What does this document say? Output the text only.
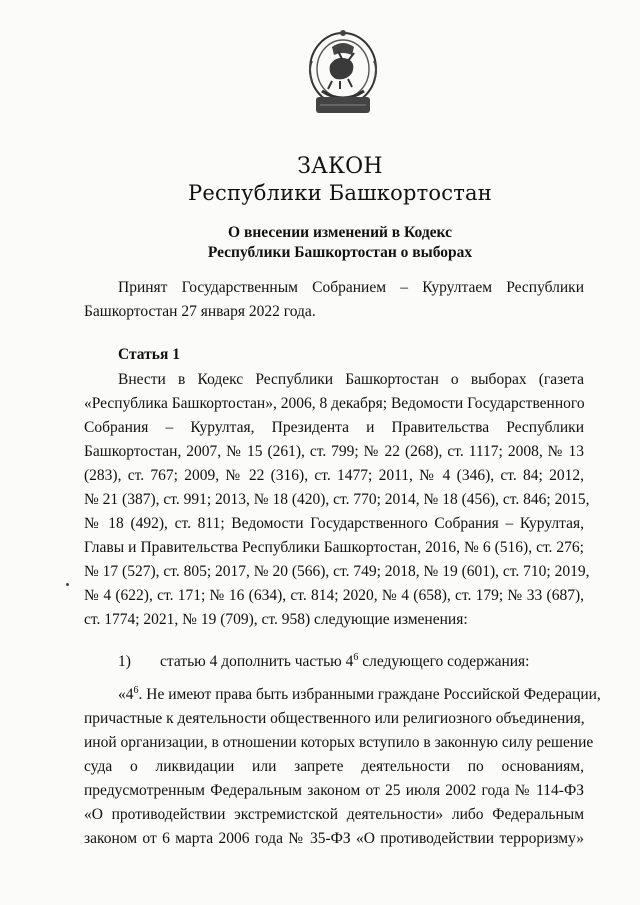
ЗАКОН
Республики Башкортостан
О внесении изменений в Кодекс
Республики Башкортостан о выборах
Принят Государственным Собранием – Курултаем Республики
Башкортостан 27 января 2022 года.
Статья 1
Внести в Кодекс Республики Башкортостан о выборах (газета
«Республика Башкортостан», 2006, 8 декабря; Ведомости Государственного
Собрания – Курултая, Президента и Правительства Республики
Башкортостан, 2007, № 15 (261), ст. 799; № 22 (268), ст. 1117; 2008, № 13
(283), ст. 767; 2009, № 22 (316), ст. 1477; 2011, № 4 (346), ст. 84; 2012,
№ 21 (387), ст. 991; 2013, № 18 (420), ст. 770; 2014, № 18 (456), ст. 846; 2015,
№ 18 (492), ст. 811; Ведомости Государственного Собрания – Курултая,
Главы и Правительства Республики Башкортостан, 2016, № 6 (516), ст. 276;
№ 17 (527), ст. 805; 2017, № 20 (566), ст. 749; 2018, № 19 (601), ст. 710; 2019,
№ 4 (622), ст. 171; № 16 (634), ст. 814; 2020, № 4 (658), ст. 179; № 33 (687),
ст. 1774; 2021, № 19 (709), ст. 958) следующие изменения:
1) статью 4 дополнить частью $4^6$ следующего содержания:
«$4^6$. Не имеют права быть избранными граждане Российской Федерации,
причастные к деятельности общественного или религиозного объединения,
иной организации, в отношении которых вступило в законную силу решение
суда о ликвидации или запрете деятельности по основаниям,
предусмотренным Федеральным законом от 25 июля 2002 года № 114-ФЗ
«О противодействии экстремистской деятельности» либо Федеральным
законом от 6 марта 2006 года № 35-ФЗ «О противодействии терроризму»
